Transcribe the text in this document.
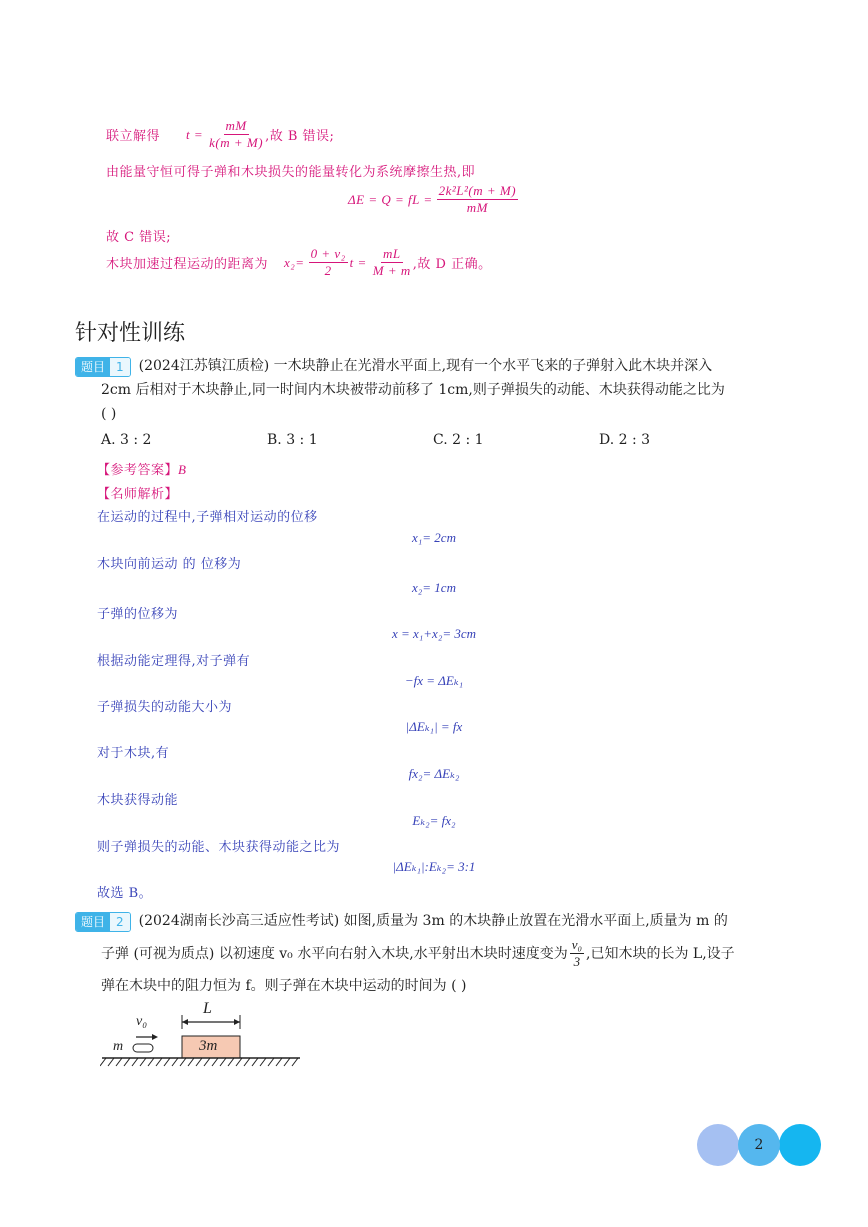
联立解得 $t = \frac{mM}{k(m + M)}$ ,故 B 错误;
由能量守恒可得子弹和木块损失的能量转化为系统摩擦生热,即
ΔE = Q = fL = $\frac{\text{2k²L²(m + M)}}{mM}$
故 C 错误;
木块加速过程运动的距离为 $x_2= \frac{\text{0 + v₂}}{2}$ $t = \frac{mL}{M + m}$ ,故 D 正确。
针对性训练
题目 1	(2024江苏镇江质检) 一木块静止在光滑水平面上,现有一个水平飞来的子弹射入此木块并深入
2cm 后相对于木块静止,同一时间内木块被带动前移了 1cm,则子弹损失的动能、木块获得动能之比为
( )
A. 3 : 2	B. 3 : 1	C. 2 : 1	D. 2 : 3
【参考答案】B
【名师解析】
在运动的过程中,子弹相对运动的位移
x₁= 2cm
木块向前运动 的 位移为
x₂= 1cm
子弹的位移为
x = x₁+x₂= 3cm
根据动能定理得,对子弹有
−fx = ΔEₖ₁
子弹损失的动能大小为
|ΔEₖ₁| = fx
对于木块,有
fx₂= ΔEₖ₂
木块获得动能
Eₖ₂= fx₂
则子弹损失的动能、木块获得动能之比为
|ΔEₖ₁|:Eₖ₂= 3:1
故选 B。
题目 2	(2024湖南长沙高三适应性考试) 如图,质量为 3m 的木块静止放置在光滑水平面上,质量为 m 的
子弹 (可视为质点) 以初速度 v₀ 水平向右射入木块,水平射出木块时速度变为 $\frac{\text{v₀}}{3}$ ,已知木块的长为 L,设子
弹在木块中的阻力恒为 f。则子弹在木块中运动的时间为 ( )
L
v₀
m	3m
2
